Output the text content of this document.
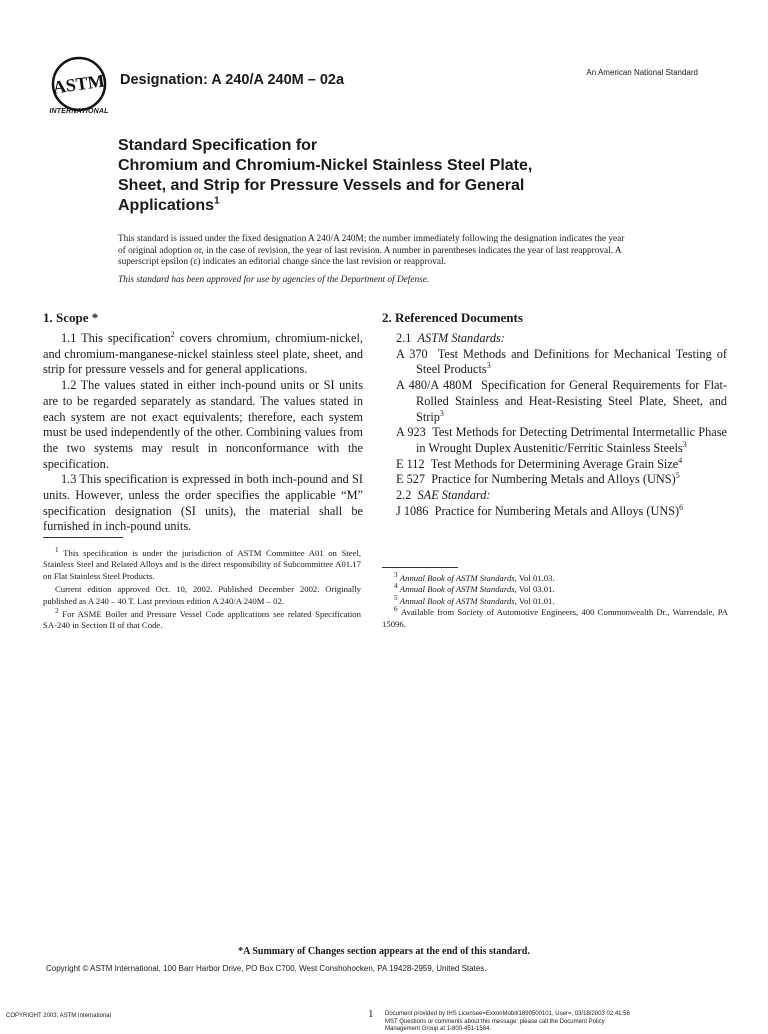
ASTM
INTERNATIONAL
Designation: A 240/A 240M – 02a	An American National Standard
Standard Specification for
Chromium and Chromium-Nickel Stainless Steel Plate,
Sheet, and Strip for Pressure Vessels and for General
Applications$^1$
This standard is issued under the fixed designation A 240/A 240M; the number immediately following the designation indicates the year of original adoption or, in the case of revision, the year of last revision. A number in parentheses indicates the year of last reapproval. A superscript epsilon (ε) indicates an editorial change since the last revision or reapproval.
This standard has been approved for use by agencies of the Department of Defense.
1. Scope *

1.1 This specification$^2$ covers chromium, chromium-nickel, and chromium-manganese-nickel stainless steel plate, sheet, and strip for pressure vessels and for general applications.

1.2 The values stated in either inch-pound units or SI units are to be regarded separately as standard. The values stated in each system are not exact equivalents; therefore, each system must be used independently of the other. Combining values from the two systems may result in nonconformance with the specification.

1.3 This specification is expressed in both inch-pound and SI units. However, unless the order specifies the applicable “M” specification designation (SI units), the material shall be furnished in inch-pound units.

2. Referenced Documents
2.1 ASTM Standards:
A 370 Test Methods and Definitions for Mechanical Testing of Steel Products$^3$
A 480/A 480M Specification for General Requirements for Flat-Rolled Stainless and Heat-Resisting Steel Plate, Sheet, and Strip$^3$
A 923 Test Methods for Detecting Detrimental Intermetallic Phase in Wrought Duplex Austenitic/Ferritic Stainless Steels$^3$
E 112 Test Methods for Determining Average Grain Size$^4$
E 527 Practice for Numbering Metals and Alloys (UNS)$^5$
2.2 SAE Standard:
J 1086 Practice for Numbering Metals and Alloys (UNS)$^6$

$^1$ This specification is under the jurisdiction of ASTM Committee A01 on Steel, Stainless Steel and Related Alloys and is the direct responsibility of Subcommittee A01.17 on Flat Stainless Steel Products.

Current edition approved Oct. 10, 2002. Published December 2002. Originally published as A 240 – 40 T. Last previous edition A 240/A 240M – 02.

$^2$ For ASME Boiler and Pressure Vessel Code applications see related Specification SA-240 in Section II of that Code.

$^3$ Annual Book of ASTM Standards, Vol 01.03.

$^4$ Annual Book of ASTM Standards, Vol 03.01.

$^5$ Annual Book of ASTM Standards, Vol 01.01.

$^6$ Available from Society of Automotive Engineers, 400 Commonwealth Dr., Warrendale, PA 15096.

*A Summary of Changes section appears at the end of this standard.
Copyright © ASTM International, 100 Barr Harbor Drive, PO Box C700, West Conshohocken, PA 19428-2959, United States.
COPYRIGHT 2003; ASTM International	1 Document provided by IHS Licensee=ExxonMobil/1890500101, User=, 03/18/2003 02:41:56 MST Questions or comments about this message: please call the Document Policy Management Group at 1-800-451-1584.
